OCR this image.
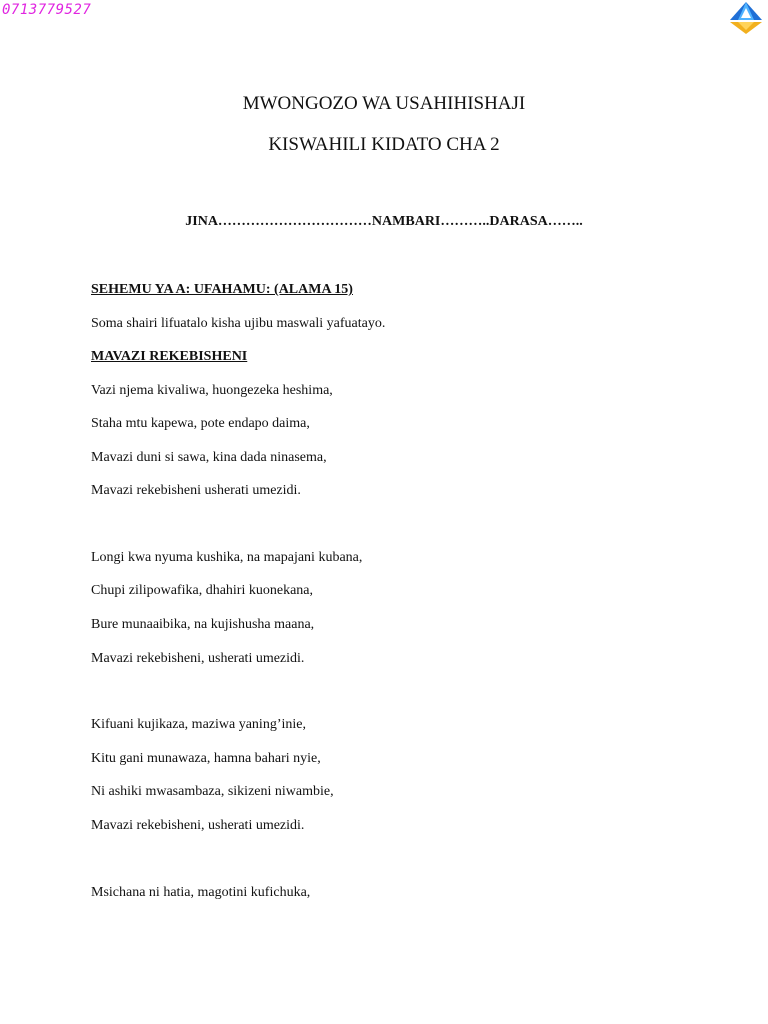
0713779527
MWONGOZO WA USAHIHISHAJI
KISWAHILI KIDATO CHA 2
JINA……………………………NAMBARI………..DARASA……..
SEHEMU YA A: UFAHAMU: (ALAMA 15)
Soma shairi lifuatalo kisha ujibu maswali yafuatayo.
MAVAZI REKEBISHENI
Vazi njema kivaliwa, huongezeka heshima,
Staha mtu kapewa, pote endapo daima,
Mavazi duni si sawa, kina dada ninasema,
Mavazi rekebisheni usherati umezidi.
Longi kwa nyuma kushika, na mapajani kubana,
Chupi zilipowafika, dhahiri kuonekana,
Bure munaaibika, na kujishusha maana,
Mavazi rekebisheni, usherati umezidi.
Kifuani kujikaza, maziwa yaning’inie,
Kitu gani munawaza, hamna bahari nyie,
Ni ashiki mwasambaza, sikizeni niwambie,
Mavazi rekebisheni, usherati umezidi.
Msichana ni hatia, magotini kufichuka,
